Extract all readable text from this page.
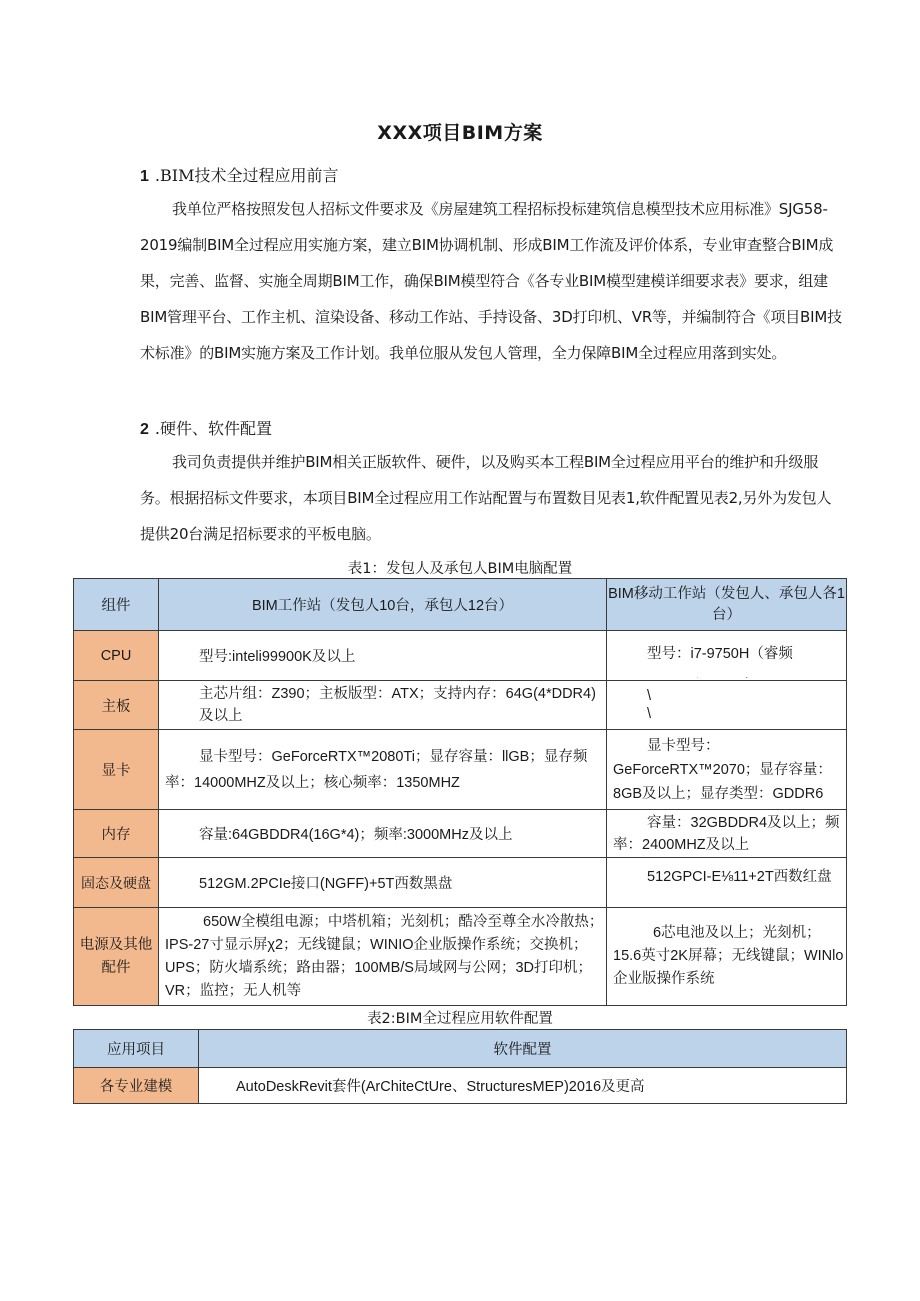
XXX项目BIM方案
1 .BIM技术全过程应用前言

我单位严格按照发包人招标文件要求及《房屋建筑工程招标投标建筑信息模型技术应用标准》SJG58-2019编制BIM全过程应用实施方案，建立BIM协调机制、形成BIM工作流及评价体系，专业审查整合BIM成果，完善、监督、实施全周期BIM工作，确保BIM模型符合《各专业BIM模型建模详细要求表》要求，组建BIM管理平台、工作主机、渲染设备、移动工作站、手持设备、3D打印机、VR等，并编制符合《项目BIM技术标准》的BIM实施方案及工作计划。我单位服从发包人管理，全力保障BIM全过程应用落到实处。

2 .硬件、软件配置

我司负责提供并维护BIM相关正版软件、硬件，以及购买本工程BIM全过程应用平台的维护和升级服务。根据招标文件要求，本项目BIM全过程应用工作站配置与布置数目见表1,软件配置见表2,另外为发包人提供20台满足招标要求的平板电脑。

表1：发包人及承包人BIM电脑配置
组件	BIM工作站（发包人10台，承包人12台）	BIM移动工作站（发包人、承包人各1台）
CPU	型号:inteli99900K及以上	型号：i7-9750H（睿频

主板	主芯片组：Z390；主板版型：ATX；支持内存：64G(4*DDR4)及以上	\
\
显卡	显卡型号：GeForceRTX™2080Ti；显存容量：llGB；显存频率：14000MHZ及以上；核心频率：1350MHZ	显卡型号：GeForceRTX™2070；显存容量：8GB及以上；显存类型：GDDR6

内存	容量:64GBDDR4(16G*4)；频率:3000MHz及以上	容量：32GBDDR4及以上；频率：2400MHZ及以上

固态及硬盘	512GM.2PCIe接口(NGFF)+5T西数黑盘	512GPCI-E⅛11+2T西数红盘
电源及其他配件	650W全模组电源；中塔机箱；光刻机；酷冷至尊全水冷散热；IPS-27寸显示屏χ2；无线键鼠；WINIO企业版操作系统；交换机；UPS；防火墙系统；路由器；100MB/S局域网与公网；3D打印机；VR；监控；无人机等	6芯电池及以上；光刻机；15.6英寸2K屏幕；无线键鼠；WINlo企业版操作系统
表2:BIM全过程应用软件配置
应用项目	软件配置
各专业建模	AutoDeskRevit套件(ArChiteCtUre、StructuresMEP)2016及更高
